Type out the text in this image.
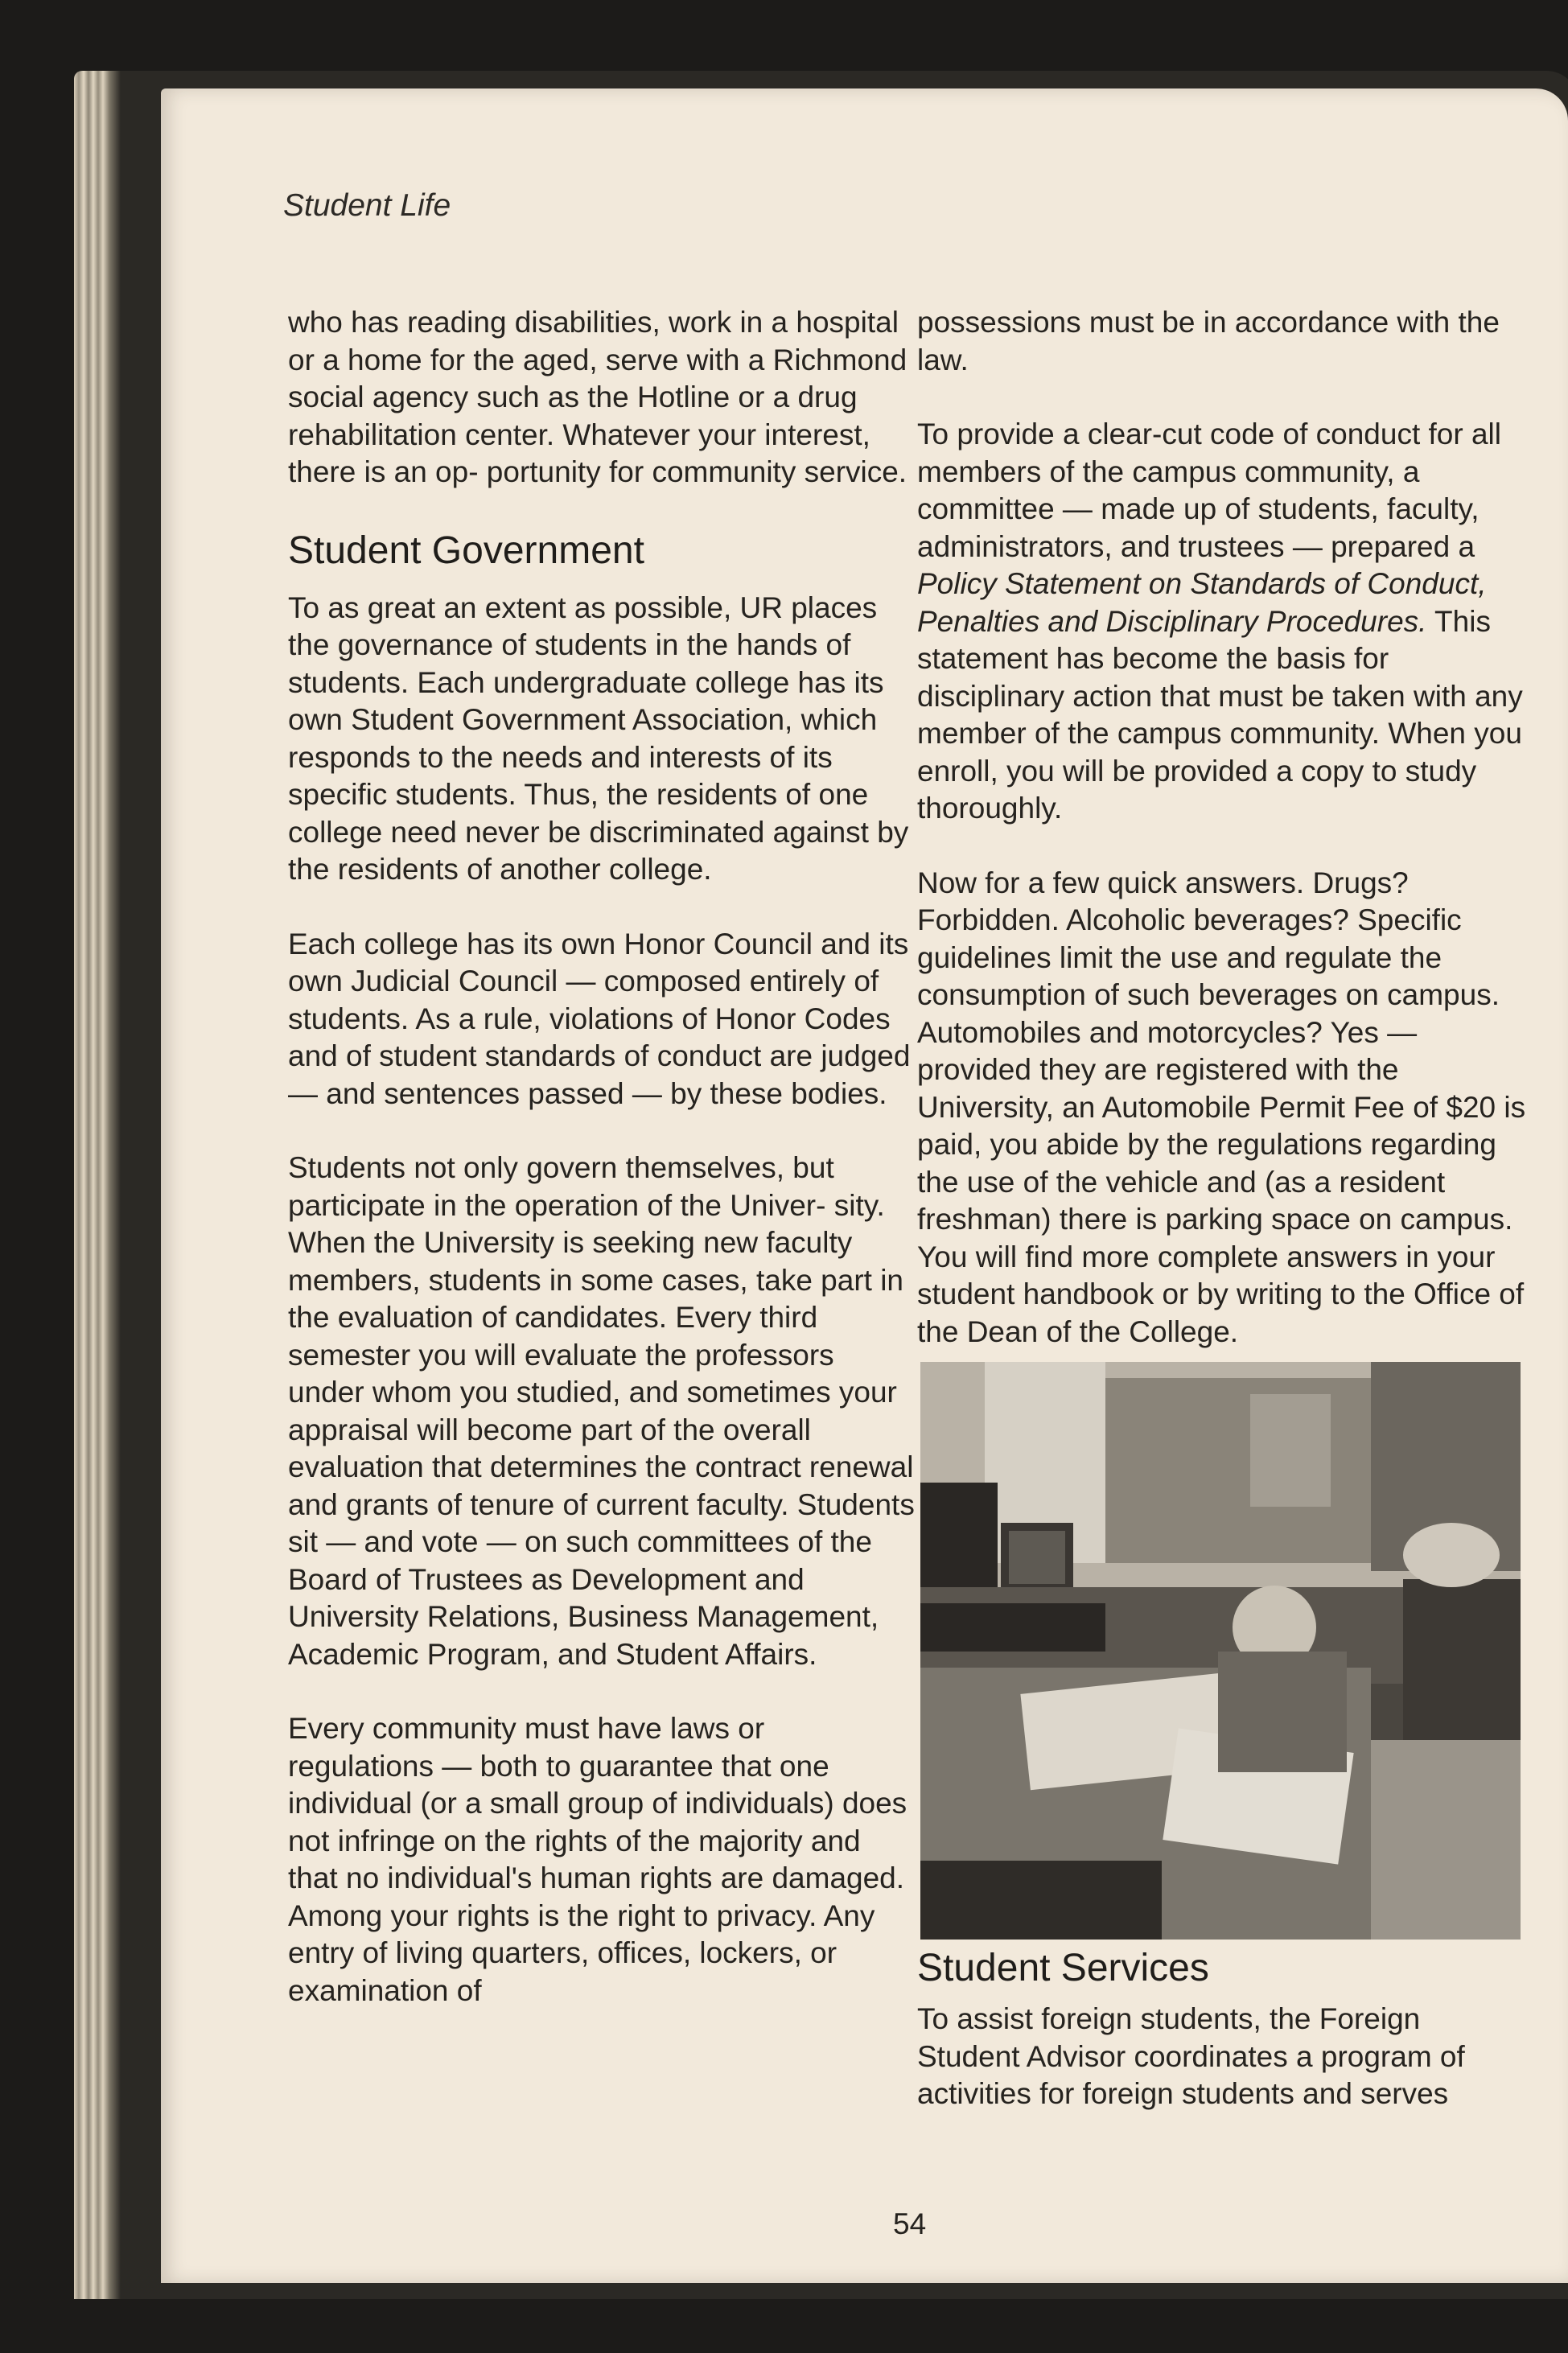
Student Life

who has reading disabilities, work in a hospital or a home for the aged, serve with a Richmond social agency such as the Hotline or a drug rehabilitation center. Whatever your interest, there is an op- portunity for community service.

Student Government

To as great an extent as possible, UR places the governance of students in the hands of students. Each undergraduate college has its own Student Government Association, which responds to the needs and interests of its specific students. Thus, the residents of one college need never be discriminated against by the residents of another college.

Each college has its own Honor Council and its own Judicial Council — composed entirely of students. As a rule, violations of Honor Codes and of student standards of conduct are judged — and sentences passed — by these bodies.

Students not only govern themselves, but participate in the operation of the Univer- sity. When the University is seeking new faculty members, students in some cases, take part in the evaluation of candidates. Every third semester you will evaluate the professors under whom you studied, and sometimes your appraisal will become part of the overall evaluation that determines the contract renewal and grants of tenure of current faculty. Students sit — and vote — on such committees of the Board of Trustees as Development and University Relations, Business Management, Academic Program, and Student Affairs.

Every community must have laws or regulations — both to guarantee that one individual (or a small group of individuals) does not infringe on the rights of the majority and that no individual's human rights are damaged. Among your rights is the right to privacy. Any entry of living quarters, offices, lockers, or examination of

possessions must be in accordance with the law.

To provide a clear-cut code of conduct for all members of the campus community, a committee — made up of students, faculty, administrators, and trustees — prepared a Policy Statement on Standards of Conduct, Penalties and Disciplinary Procedures. This statement has become the basis for disciplinary action that must be taken with any member of the campus community. When you enroll, you will be provided a copy to study thoroughly.

Now for a few quick answers. Drugs? Forbidden. Alcoholic beverages? Specific guidelines limit the use and regulate the consumption of such beverages on campus. Automobiles and motorcycles? Yes — provided they are registered with the University, an Automobile Permit Fee of $20 is paid, you abide by the regulations regarding the use of the vehicle and (as a resident freshman) there is parking space on campus. You will find more complete answers in your student handbook or by writing to the Office of the Dean of the College.

Student Services

To assist foreign students, the Foreign Student Advisor coordinates a program of activities for foreign students and serves

54
